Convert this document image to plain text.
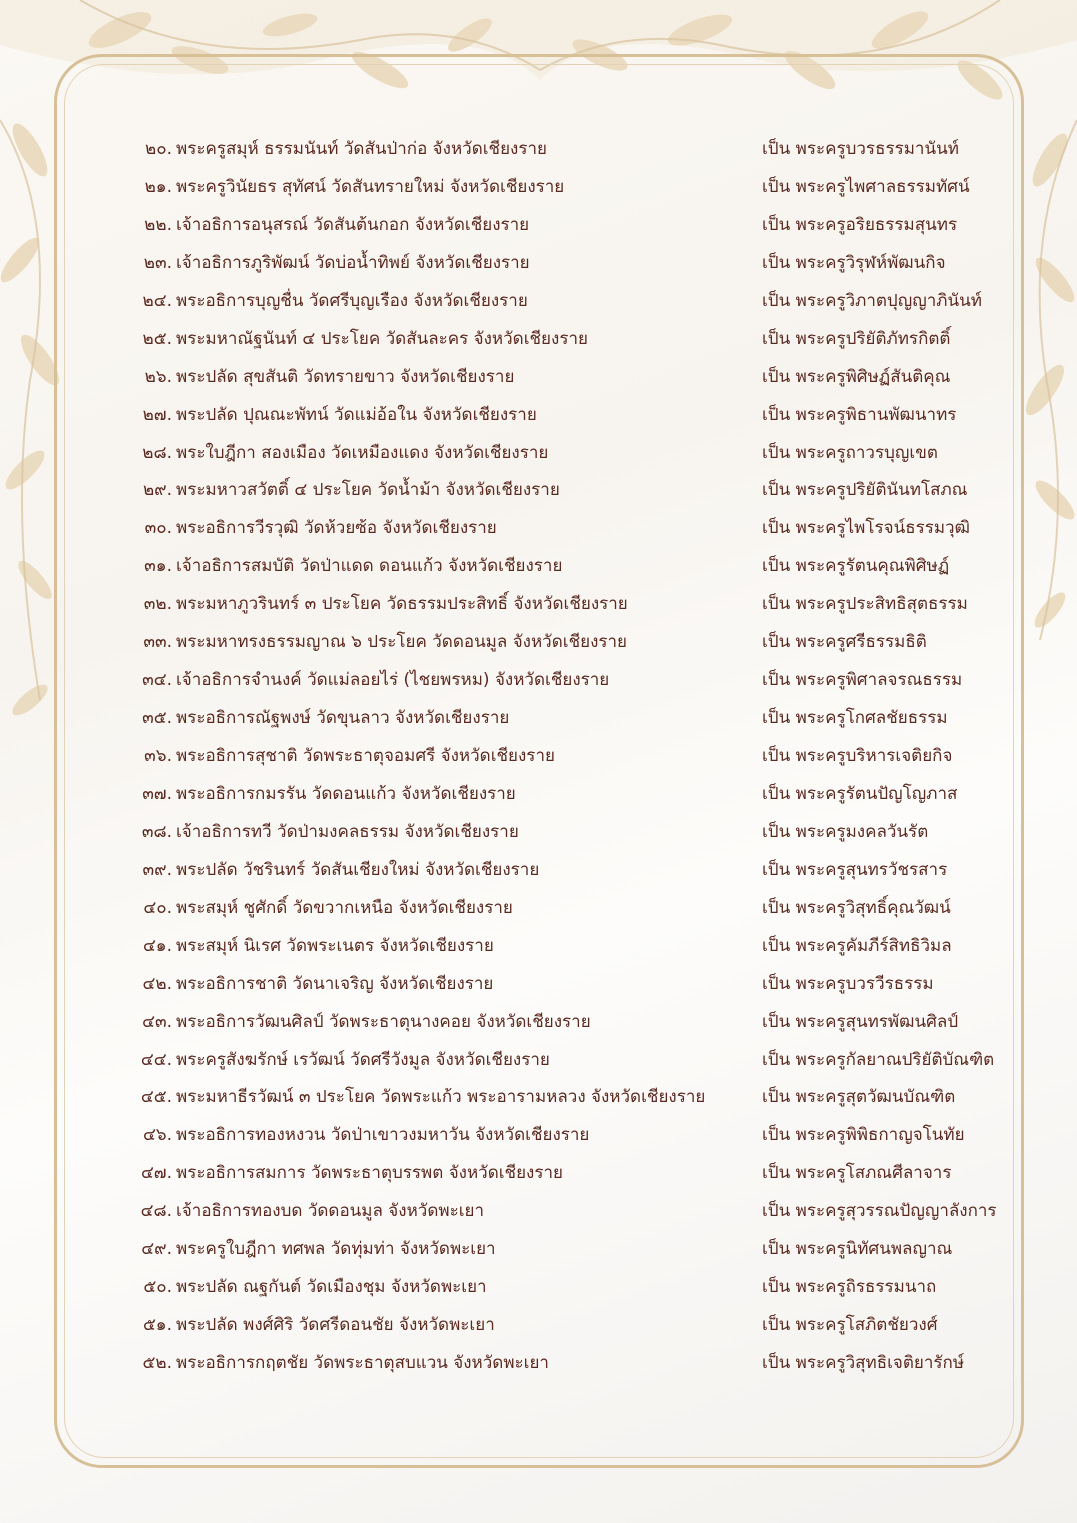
๒๐. พระครูสมุห์ ธรรมนันท์ วัดสันป่าก่อ จังหวัดเชียงราย	เป็น พระครูบวรธรรมานันท์
๒๑. พระครูวินัยธร สุทัศน์ วัดสันทรายใหม่ จังหวัดเชียงราย	เป็น พระครูไพศาลธรรมทัศน์
๒๒. เจ้าอธิการอนุสรณ์ วัดสันต้นกอก จังหวัดเชียงราย	เป็น พระครูอริยธรรมสุนทร
๒๓. เจ้าอธิการภูริพัฒน์ วัดบ่อน้ำทิพย์ จังหวัดเชียงราย	เป็น พระครูวิรุฬห์พัฒนกิจ
๒๔. พระอธิการบุญชื่น วัดศรีบุญเรือง จังหวัดเชียงราย	เป็น พระครูวิภาตปุญญาภินันท์
๒๕. พระมหาณัฐนันท์ ๔ ประโยค วัดสันละคร จังหวัดเชียงราย	เป็น พระครูปริยัติภัทรกิตติ์
๒๖. พระปลัด สุขสันติ วัดทรายขาว จังหวัดเชียงราย	เป็น พระครูพิศิษฏ์สันติคุณ
๒๗. พระปลัด ปุณณะพัทน์ วัดแม่อ้อใน จังหวัดเชียงราย	เป็น พระครูพิธานพัฒนาทร
๒๘. พระใบฎีกา สองเมือง วัดเหมืองแดง จังหวัดเชียงราย	เป็น พระครูถาวรบุญเขต
๒๙. พระมหาวสวัตติ์ ๔ ประโยค วัดน้ำม้า จังหวัดเชียงราย	เป็น พระครูปริยัตินันทโสภณ
๓๐. พระอธิการวีรวุฒิ วัดห้วยซ้อ จังหวัดเชียงราย	เป็น พระครูไพโรจน์ธรรมวุฒิ
๓๑. เจ้าอธิการสมบัติ วัดป่าแดด ดอนแก้ว จังหวัดเชียงราย	เป็น พระครูรัตนคุณพิศิษฏ์
๓๒. พระมหาภูวรินทร์ ๓ ประโยค วัดธรรมประสิทธิ์ จังหวัดเชียงราย	เป็น พระครูประสิทธิสุตธรรม
๓๓. พระมหาทรงธรรมญาณ ๖ ประโยค วัดดอนมูล จังหวัดเชียงราย	เป็น พระครูศรีธรรมธิติ
๓๔. เจ้าอธิการจำนงค์ วัดแม่ลอยไร่ (ไชยพรหม) จังหวัดเชียงราย	เป็น พระครูพิศาลจรณธรรม
๓๕. พระอธิการณัฐพงษ์ วัดขุนลาว จังหวัดเชียงราย	เป็น พระครูโกศลชัยธรรม
๓๖. พระอธิการสุชาติ วัดพระธาตุจอมศรี จังหวัดเชียงราย	เป็น พระครูบริหารเจติยกิจ
๓๗. พระอธิการกมรรัน วัดดอนแก้ว จังหวัดเชียงราย	เป็น พระครูรัตนปัญโญภาส
๓๘. เจ้าอธิการทวี วัดป่ามงคลธรรม จังหวัดเชียงราย	เป็น พระครูมงคลวันรัต
๓๙. พระปลัด วัชรินทร์ วัดสันเชียงใหม่ จังหวัดเชียงราย	เป็น พระครูสุนทรวัชรสาร
๔๐. พระสมุห์ ชูศักดิ์ วัดขวากเหนือ จังหวัดเชียงราย	เป็น พระครูวิสุทธิ์คุณวัฒน์
๔๑. พระสมุห์ นิเรศ วัดพระเนตร จังหวัดเชียงราย	เป็น พระครูคัมภีร์สิทธิวิมล
๔๒. พระอธิการชาติ วัดนาเจริญ จังหวัดเชียงราย	เป็น พระครูบวรวีรธรรม
๔๓. พระอธิการวัฒนศิลป์ วัดพระธาตุนางคอย จังหวัดเชียงราย	เป็น พระครูสุนทรพัฒนศิลป์
๔๔. พระครูสังฆรักษ์ เรวัฒน์ วัดศรีวังมูล จังหวัดเชียงราย	เป็น พระครูกัลยาณปริยัติบัณฑิต
๔๕. พระมหาธีรวัฒน์ ๓ ประโยค วัดพระแก้ว พระอารามหลวง จังหวัดเชียงราย	เป็น พระครูสุตวัฒนบัณฑิต
๔๖. พระอธิการทองหงวน วัดป่าเขาวงมหาวัน จังหวัดเชียงราย	เป็น พระครูพิพิธกาญจโนทัย
๔๗. พระอธิการสมการ วัดพระธาตุบรรพต จังหวัดเชียงราย	เป็น พระครูโสภณศีลาจาร
๔๘. เจ้าอธิการทองบด วัดดอนมูล จังหวัดพะเยา	เป็น พระครูสุวรรณปัญญาลังการ
๔๙. พระครูใบฎีกา ทศพล วัดทุ่มท่า จังหวัดพะเยา	เป็น พระครูนิทัศนพลญาณ
๕๐. พระปลัด ณฐกันต์ วัดเมืองชุม จังหวัดพะเยา	เป็น พระครูถิรธรรมนาถ
๕๑. พระปลัด พงศ์ศิริ วัดศรีดอนชัย จังหวัดพะเยา	เป็น พระครูโสภิตชัยวงศ์
๕๒. พระอธิการกฤตชัย วัดพระธาตุสบแวน จังหวัดพะเยา	เป็น พระครูวิสุทธิเจติยารักษ์
